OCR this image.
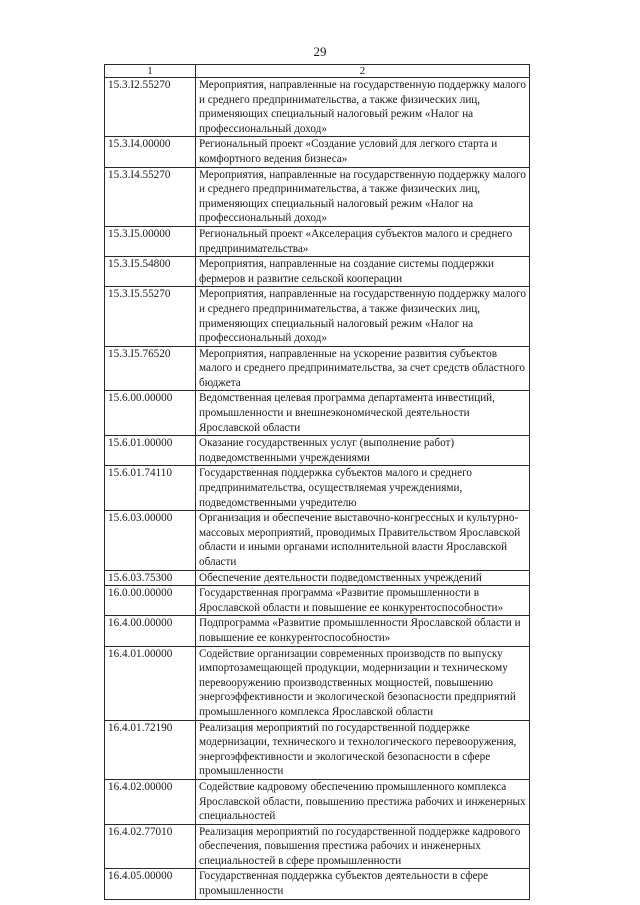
29
1	2
15.3.I2.55270	Мероприятия, направленные на государственную поддержку малого и среднего предпринимательства, а также физических лиц, применяющих специальный налоговый режим «Налог на профессиональный доход»
15.3.I4.00000	Региональный проект «Создание условий для легкого старта и комфортного ведения бизнеса»
15.3.I4.55270	Мероприятия, направленные на государственную поддержку малого и среднего предпринимательства, а также физических лиц, применяющих специальный налоговый режим «Налог на профессиональный доход»
15.3.I5.00000	Региональный проект «Акселерация субъектов малого и среднего предпринимательства»
15.3.I5.54800	Мероприятия, направленные на создание системы поддержки фермеров и развитие сельской кооперации
15.3.I5.55270	Мероприятия, направленные на государственную поддержку малого и среднего предпринимательства, а также физических лиц, применяющих специальный налоговый режим «Налог на профессиональный доход»
15.3.I5.76520	Мероприятия, направленные на ускорение развития субъектов малого и среднего предпринимательства, за счет средств областного бюджета
15.6.00.00000	Ведомственная целевая программа департамента инвестиций, промышленности и внешнеэкономической деятельности Ярославской области
15.6.01.00000	Оказание государственных услуг (выполнение работ) подведомственными учреждениями
15.6.01.74110	Государственная поддержка субъектов малого и среднего предпринимательства, осуществляемая учреждениями, подведомственными учредителю
15.6.03.00000	Организация и обеспечение выставочно-конгрессных и культурно-массовых мероприятий, проводимых Правительством Ярославской области и иными органами исполнительной власти Ярославской области
15.6.03.75300	Обеспечение деятельности подведомственных учреждений
16.0.00.00000	Государственная программа «Развитие промышленности в Ярославской области и повышение ее конкурентоспособности»
16.4.00.00000	Подпрограмма «Развитие промышленности Ярославской области и повышение ее конкурентоспособности»
16.4.01.00000	Содействие организации современных производств по выпуску импортозамещающей продукции, модернизации и техническому перевооружению производственных мощностей, повышению энергоэффективности и экологической безопасности предприятий промышленного комплекса Ярославской области
16.4.01.72190	Реализация мероприятий по государственной поддержке модернизации, технического и технологического перевооружения, энергоэффективности и экологической безопасности в сфере промышленности
16.4.02.00000	Содействие кадровому обеспечению промышленного комплекса Ярославской области, повышению престижа рабочих и инженерных специальностей
16.4.02.77010	Реализация мероприятий по государственной поддержке кадрового обеспечения, повышения престижа рабочих и инженерных специальностей в сфере промышленности
16.4.05.00000	Государственная поддержка субъектов деятельности в сфере промышленности
